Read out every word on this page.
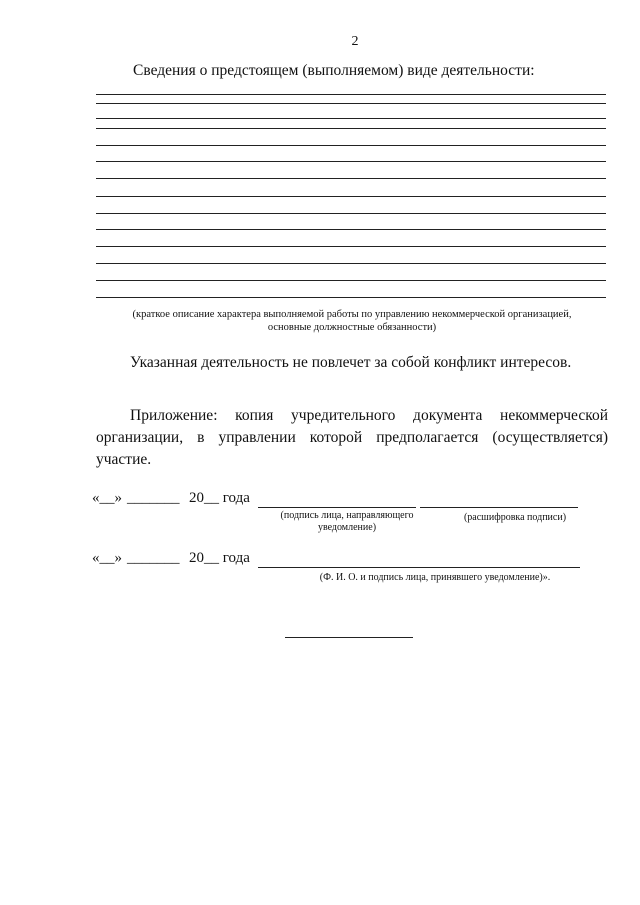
2
Сведения о предстоящем (выполняемом) виде деятельности:
(краткое описание характера выполняемой работы по управлению некоммерческой организацией,
основные должностные обязанности)
Указанная деятельность не повлечет за собой конфликт интересов.
Приложение: копия учредительного документа некоммерческой организации, в управлении которой предполагается (осуществляется) участие.
«__» _______ 20__ года
(подпись лица, направляющего
уведомление)
(расшифровка подписи)
«__» _______ 20__ года
(Ф. И. О. и подпись лица, принявшего уведомление)».
